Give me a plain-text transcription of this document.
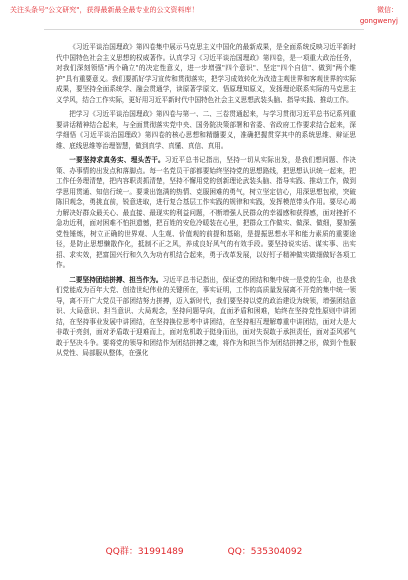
关注头条号"公文研究"，获得最新最全最专业的公文资料库！	微信：
gongwenyj

《习近平谈治国理政》第四卷集中展示马克思主义中国化的最新成果，是全面系统反映习近平新时代中国特色社会主义思想的权威著作。认真学习《习近平谈治国理政》第四卷，是一项重大政治任务，对我们深刻领悟"两个确立"的决定性意义，进一步增强"四个意识"、坚定"四个自信"、做到"两个维护"具有重要意义。我们要抓好学习宣传和贯彻落实，把学习成效转化为改造主观世界和客观世界的实际成果，要坚持全面系统学、融会贯通学，读原著学原文、悟原理知原义，发扬理论联系实际的马克思主义学风，结合工作实际，更好用习近平新时代中国特色社会主义思想武装头脑、指导实践、推动工作。

把学习《习近平谈治国理政》第四卷与第一、二、三卷贯通起来，与学习贯彻习近平总书记系列重要讲话精神结合起来，与全面贯彻落实党中央、国务院决策部署和省委、省政府工作要求结合起来，深学细悟《习近平谈治国理政》第四卷的核心思想和精髓要义，准确把握贯穿其中的系统思维、辩证思维、底线思维等治理智慧，做到真学、真懂、真信、真用。

一要坚持求真务实、埋头苦干。习近平总书记指出，坚持一切从实际出发，是我们想问题、作决策、办事情的出发点和落脚点。每一名党员干部都要始终坚持党的思想路线，把思想认识统一起来，把工作任务理清楚，把内容职责抓清楚，坚持不懈用党的创新理论武装头脑、指导实践、推动工作，做到学思用贯通、知信行统一。要秉出饱满的热情、克服困难的勇气，树立坚定信心，用深思想包袱，突破陈旧观念，勇挑直前，锐意进取，进行复合基层工作实践的规律和实践，发挥模范带头作用。要尽心竭力解决好群众最关心、最直接、最现实的利益问题，不断增强人民群众的幸福感和获得感，面对挫折不急功近利，面对困难不怕担遗憾，把百姓的安危冷暖装在心里，把群众工作做实、做深、做细，要加强党性锤炼，树立正确的世界观、人生观、价值观的前提和基础，是提振思想水平和能力素质的重要途径，是防止思想懒散作化，抵制不正之风，养成良好风气的有效手段。要坚持说实话、谋实事、出实招、求实效，把富国兴行和久久为功有机结合起来，勇于改革发展，以好钉子精神做实做细做好各项工作。

二要坚持团结拼搏、担当作为。习近平总书记指出，保证党的团结和集中统一是党的生命，也是我们党能成为百年大党、创造世纪伟业的关键所在，事实证明，工作的高质量发展离不开党的集中统一领导，离不开广大党员干部团结努力拼搏，迈入新时代，我们要坚持以党的政治建设为统领，增强团结意识、大局意识、担当意识、大局观念，坚持问题导向，直面矛盾和困难，始终在坚持党性原则中讲团结，在坚持事业发展中讲团结，在坚持换位思考中讲团结，在坚持相互理解尊重中讲团结，面对大是大非敢于亮剑，面对矛盾敢于迎难而上，面对危机敢于挺身而出，面对失误敢于承担责任，面对歪风邪气敢于坚决斗争。要将党的领导和团结作为团结拼搏之魂，将作为和担当作为团结拼搏之形，做到个性服从党性、局部服从整体，在强化

QQ群：31991489	QQ：535304092
